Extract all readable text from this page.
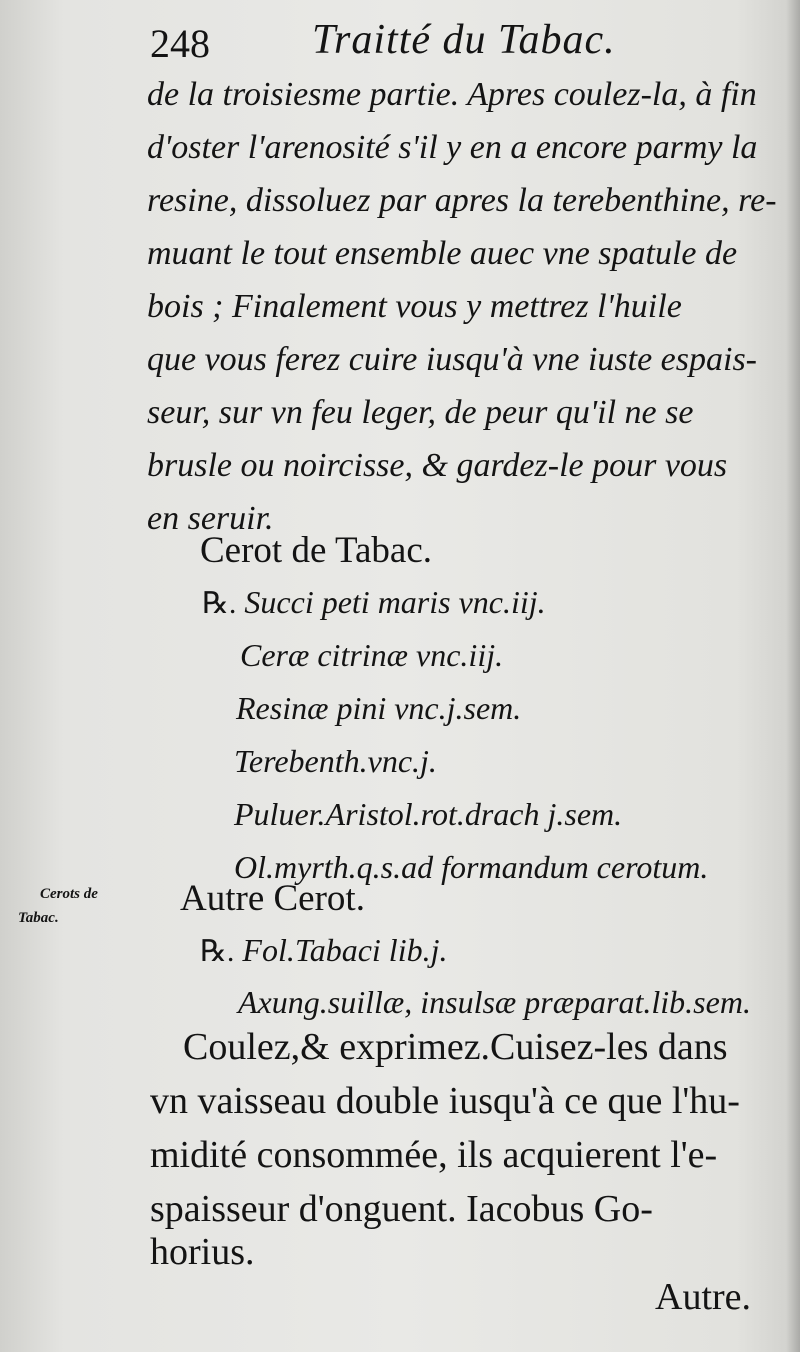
248 Traitté du Tabac.
de la troisiesme partie. Apres coulez-la, à fin
d'oster l'arenosité s'il y en a encore parmy la
resine, dissoluez par apres la terebenthine, re-
muant le tout ensemble auec vne spatule de
bois ; Finalement vous y mettrez l'huile
que vous ferez cuire iusqu'à vne iuste espais-
seur, sur vn feu leger, de peur qu'il ne se
brusle ou noircisse, & gardez-le pour vous
en seruir.
Cerot de Tabac.
℞. Succi peti maris vnc.iij.
Ceræ citrinæ vnc.iij.
Resinæ pini vnc.j.sem.
Terebenth.vnc.j.
Puluer.Aristol.rot.drach j.sem.
Ol.myrth.q.s.ad formandum cerotum.
Cerots de
Tabac.	Autre Cerot.
℞. Fol.Tabaci lib.j.
Axung.suillæ, insulsæ præparat.lib.sem.
Coulez,& exprimez.Cuisez-les dans
vn vaisseau double iusqu'à ce que l'hu-
midité consommée, ils acquierent l'e-
spaisseur d'onguent. Iacobus Go-
horius.
Autre.
